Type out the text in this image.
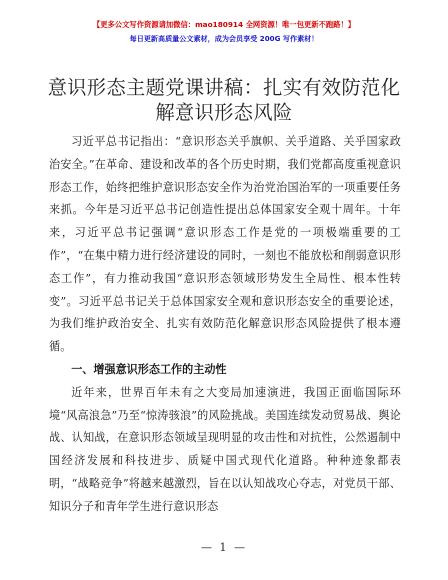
【更多公文写作资源请加微信：mao180914 全网资源！唯一包更新不跑路！】
每日更新高质量公文素材，成为会员享受 200G 写作素材！
意识形态主题党课讲稿：扎实有效防范化解意识形态风险

习近平总书记指出：“意识形态关乎旗帜、关乎道路、关乎国家政治安全。”在革命、建设和改革的各个历史时期，我们党都高度重视意识形态工作，始终把维护意识形态安全作为治党治国治军的一项重要任务来抓。今年是习近平总书记创造性提出总体国家安全观十周年。十年来，习近平总书记强调“意识形态工作是党的一项极端重要的工作”，“在集中精力进行经济建设的同时，一刻也不能放松和削弱意识形态工作”，有力推动我国“意识形态领域形势发生全局性、根本性转变”。习近平总书记关于总体国家安全观和意识形态安全的重要论述，为我们维护政治安全、扎实有效防范化解意识形态风险提供了根本遵循。

一、增强意识形态工作的主动性

近年来，世界百年未有之大变局加速演进，我国正面临国际环境“风高浪急”乃至“惊涛骇浪”的风险挑战。美国连续发动贸易战、舆论战、认知战，在意识形态领域呈现明显的攻击性和对抗性，公然遏制中国经济发展和科技进步、质疑中国式现代化道路。种种迹象都表明，“战略竞争”将越来越激烈，旨在以认知战攻心夺志，对党员干部、知识分子和青年学生进行意识形态

— 1 —
